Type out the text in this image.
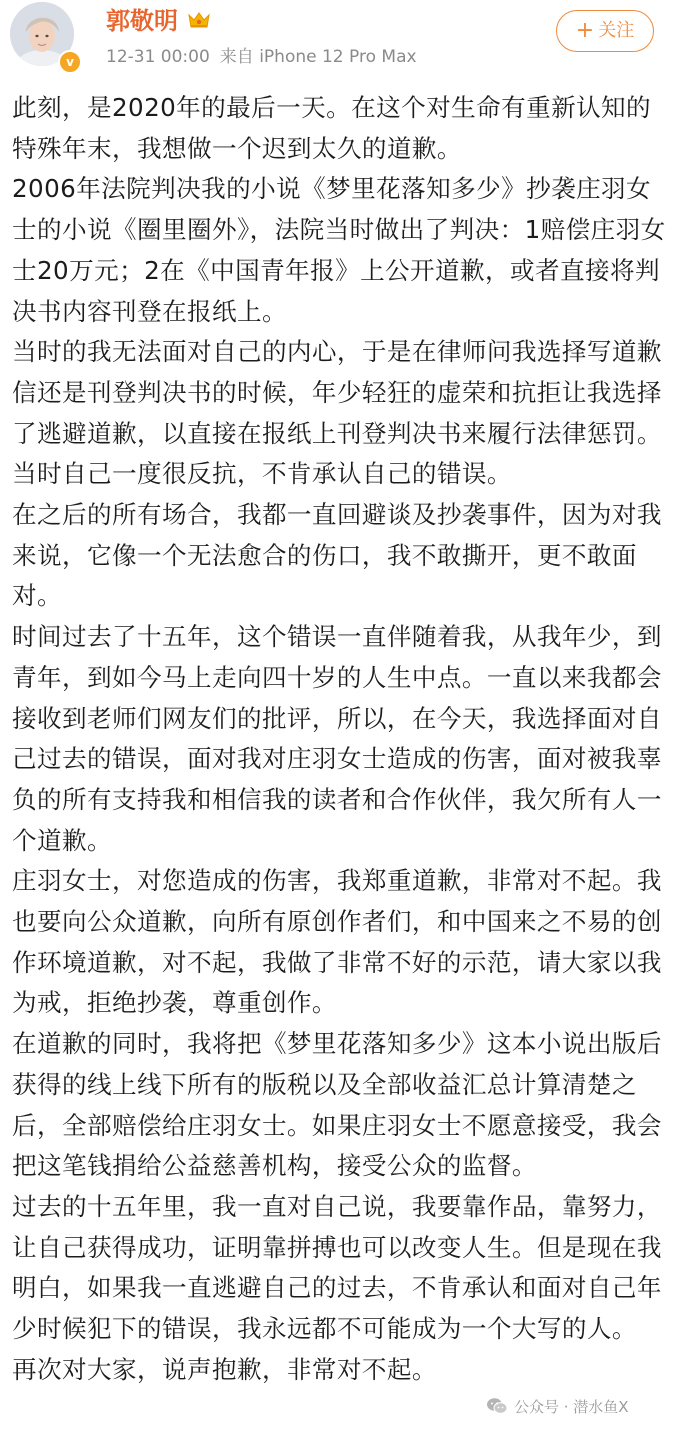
v
郭敬明
12-31 00:00 来自 iPhone 12 Pro Max
+ 关注

此刻，是2020年的最后一天。在这个对生命有重新认知的特殊年末，我想做一个迟到太久的道歉。

2006年法院判决我的小说《梦里花落知多少》抄袭庄羽女士的小说《圈里圈外》，法院当时做出了判决：1赔偿庄羽女士20万元；2在《中国青年报》上公开道歉，或者直接将判决书内容刊登在报纸上。

当时的我无法面对自己的内心，于是在律师问我选择写道歉信还是刊登判决书的时候，年少轻狂的虚荣和抗拒让我选择了逃避道歉，以直接在报纸上刊登判决书来履行法律惩罚。当时自己一度很反抗，不肯承认自己的错误。

在之后的所有场合，我都一直回避谈及抄袭事件，因为对我来说，它像一个无法愈合的伤口，我不敢撕开，更不敢面对。

时间过去了十五年，这个错误一直伴随着我，从我年少，到青年，到如今马上走向四十岁的人生中点。一直以来我都会接收到老师们网友们的批评，所以，在今天，我选择面对自己过去的错误，面对我对庄羽女士造成的伤害，面对被我辜负的所有支持我和相信我的读者和合作伙伴，我欠所有人一个道歉。

庄羽女士，对您造成的伤害，我郑重道歉，非常对不起。我也要向公众道歉，向所有原创作者们，和中国来之不易的创作环境道歉，对不起，我做了非常不好的示范，请大家以我为戒，拒绝抄袭，尊重创作。

在道歉的同时，我将把《梦里花落知多少》这本小说出版后获得的线上线下所有的版税以及全部收益汇总计算清楚之后，全部赔偿给庄羽女士。如果庄羽女士不愿意接受，我会把这笔钱捐给公益慈善机构，接受公众的监督。

过去的十五年里，我一直对自己说，我要靠作品，靠努力，让自己获得成功，证明靠拼搏也可以改变人生。但是现在我明白，如果我一直逃避自己的过去，不肯承认和面对自己年少时候犯下的错误，我永远都不可能成为一个大写的人。

再次对大家，说声抱歉，非常对不起。

公众号 · 潜水鱼X
